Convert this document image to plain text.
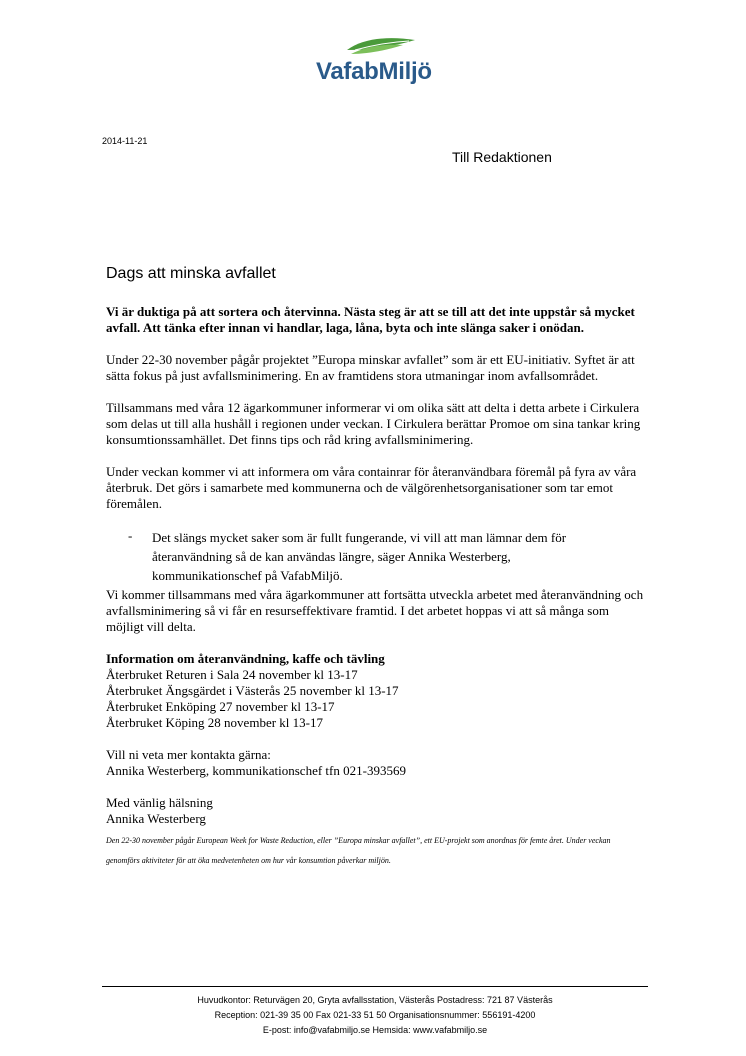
VafabMiljö
2014-11-21
Till Redaktionen
Dags att minska avfallet

Vi är duktiga på att sortera och återvinna. Nästa steg är att se till att det inte uppstår så mycket avfall. Att tänka efter innan vi handlar, laga, låna, byta och inte slänga saker i onödan.

Under 22-30 november pågår projektet ”Europa minskar avfallet” som är ett EU-initiativ. Syftet är att sätta fokus på just avfallsminimering. En av framtidens stora utmaningar inom avfallsområdet.

Tillsammans med våra 12 ägarkommuner informerar vi om olika sätt att delta i detta arbete i Cirkulera som delas ut till alla hushåll i regionen under veckan. I Cirkulera berättar Promoe om sina tankar kring konsumtionssamhället. Det finns tips och råd kring avfallsminimering.

Under veckan kommer vi att informera om våra containrar för återanvändbara föremål på fyra av våra återbruk. Det görs i samarbete med kommunerna och de välgörenhetsorganisationer som tar emot föremålen.

- Det slängs mycket saker som är fullt fungerande, vi vill att man lämnar dem för

återanvändning så de kan användas längre, säger Annika Westerberg,

kommunikationschef på VafabMiljö.

Vi kommer tillsammans med våra ägarkommuner att fortsätta utveckla arbetet med återanvändning och avfallsminimering så vi får en resurseffektivare framtid. I det arbetet hoppas vi att så många som möjligt vill delta.

Information om återanvändning, kaffe och tävling

Återbruket Returen i Sala 24 november kl 13-17

Återbruket Ängsgärdet i Västerås 25 november kl 13-17

Återbruket Enköping 27 november kl 13-17

Återbruket Köping 28 november kl 13-17

Vill ni veta mer kontakta gärna:

Annika Westerberg, kommunikationschef tfn 021-393569

Med vänlig hälsning

Annika Westerberg

Den 22-30 november pågår European Week for Waste Reduction, eller ”Europa minskar avfallet”, ett EU-projekt som anordnas för femte året. Under veckan genomförs aktiviteter för att öka medvetenheten om hur vår konsumtion påverkar miljön.

Huvudkontor: Returvägen 20, Gryta avfallsstation, Västerås Postadress: 721 87 Västerås

Reception: 021-39 35 00 Fax 021-33 51 50 Organisationsnummer: 556191-4200

E-post: info@vafabmiljo.se Hemsida: www.vafabmiljo.se
